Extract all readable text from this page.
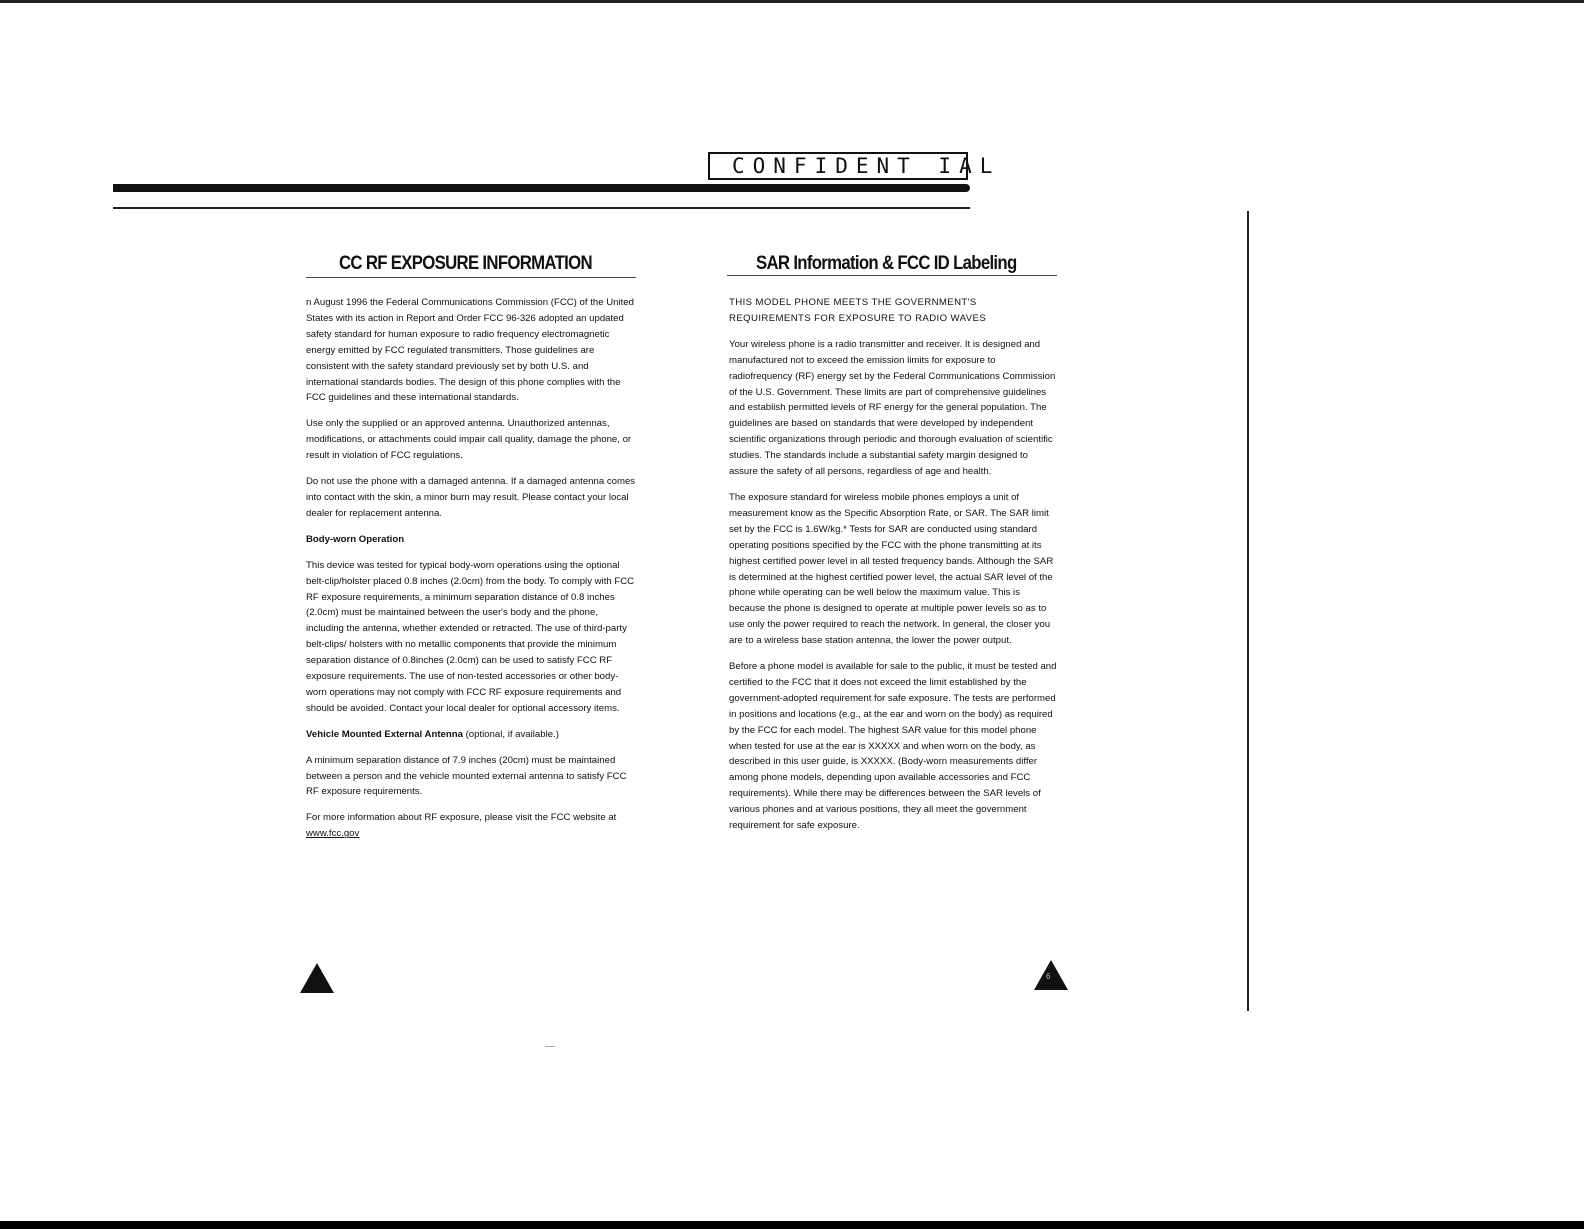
CONFIDENT IAL
CC RF EXPOSURE INFORMATION

n August 1996 the Federal Communications Commission (FCC) of the United States with its action in Report and Order FCC 96-326 adopted an updated safety standard for human exposure to radio frequency electromagnetic energy emitted by FCC regulated transmitters. Those guidelines are consistent with the safety standard previously set by both U.S. and international standards bodies. The design of this phone complies with the FCC guidelines and these international standards.

Use only the supplied or an approved antenna. Unauthorized antennas, modifications, or attachments could impair call quality, damage the phone, or result in violation of FCC regulations.

Do not use the phone with a damaged antenna. If a damaged antenna comes into contact with the skin, a minor burn may result. Please contact your local dealer for replacement antenna.

Body-worn Operation

This device was tested for typical body-worn operations using the optional belt-clip/holster placed 0.8 inches (2.0cm) from the body. To comply with FCC RF exposure requirements, a minimum separation distance of 0.8 inches (2.0cm) must be maintained between the user's body and the phone, including the antenna, whether extended or retracted. The use of third-party belt-clips/ holsters with no metallic components that provide the minimum separation distance of 0.8inches (2.0cm) can be used to satisfy FCC RF exposure requirements. The use of non-tested accessories or other body-worn operations may not comply with FCC RF exposure requirements and should be avoided. Contact your local dealer for optional accessory items.

Vehicle Mounted External Antenna (optional, if available.)

A minimum separation distance of 7.9 inches (20cm) must be maintained between a person and the vehicle mounted external antenna to satisfy FCC RF exposure requirements.

For more information about RF exposure, please visit the FCC website at www.fcc.gov

SAR Information & FCC ID Labeling

THIS MODEL PHONE MEETS THE GOVERNMENT'S REQUIREMENTS FOR EXPOSURE TO RADIO WAVES

Your wireless phone is a radio transmitter and receiver. It is designed and manufactured not to exceed the emission limits for exposure to radiofrequency (RF) energy set by the Federal Communications Commission of the U.S. Government. These limits are part of comprehensive guidelines and establish permitted levels of RF energy for the general population. The guidelines are based on standards that were developed by independent scientific organizations through periodic and thorough evaluation of scientific studies. The standards include a substantial safety margin designed to assure the safety of all persons, regardless of age and health.

The exposure standard for wireless mobile phones employs a unit of measurement know as the Specific Absorption Rate, or SAR. The SAR limit set by the FCC is 1.6W/kg.* Tests for SAR are conducted using standard operating positions specified by the FCC with the phone transmitting at its highest certified power level in all tested frequency bands. Although the SAR is determined at the highest certified power level, the actual SAR level of the phone while operating can be well below the maximum value. This is because the phone is designed to operate at multiple power levels so as to use only the power required to reach the network. In general, the closer you are to a wireless base station antenna, the lower the power output.

Before a phone model is available for sale to the public, it must be tested and certified to the FCC that it does not exceed the limit established by the government-adopted requirement for safe exposure. The tests are performed in positions and locations (e.g., at the ear and worn on the body) as required by the FCC for each model. The highest SAR value for this model phone when tested for use at the ear is XXXXX and when worn on the body, as described in this user guide, is XXXXX. (Body-worn measurements differ among phone models, depending upon available accessories and FCC requirements). While there may be differences between the SAR levels of various phones and at various positions, they all meet the government requirement for safe exposure.

6
